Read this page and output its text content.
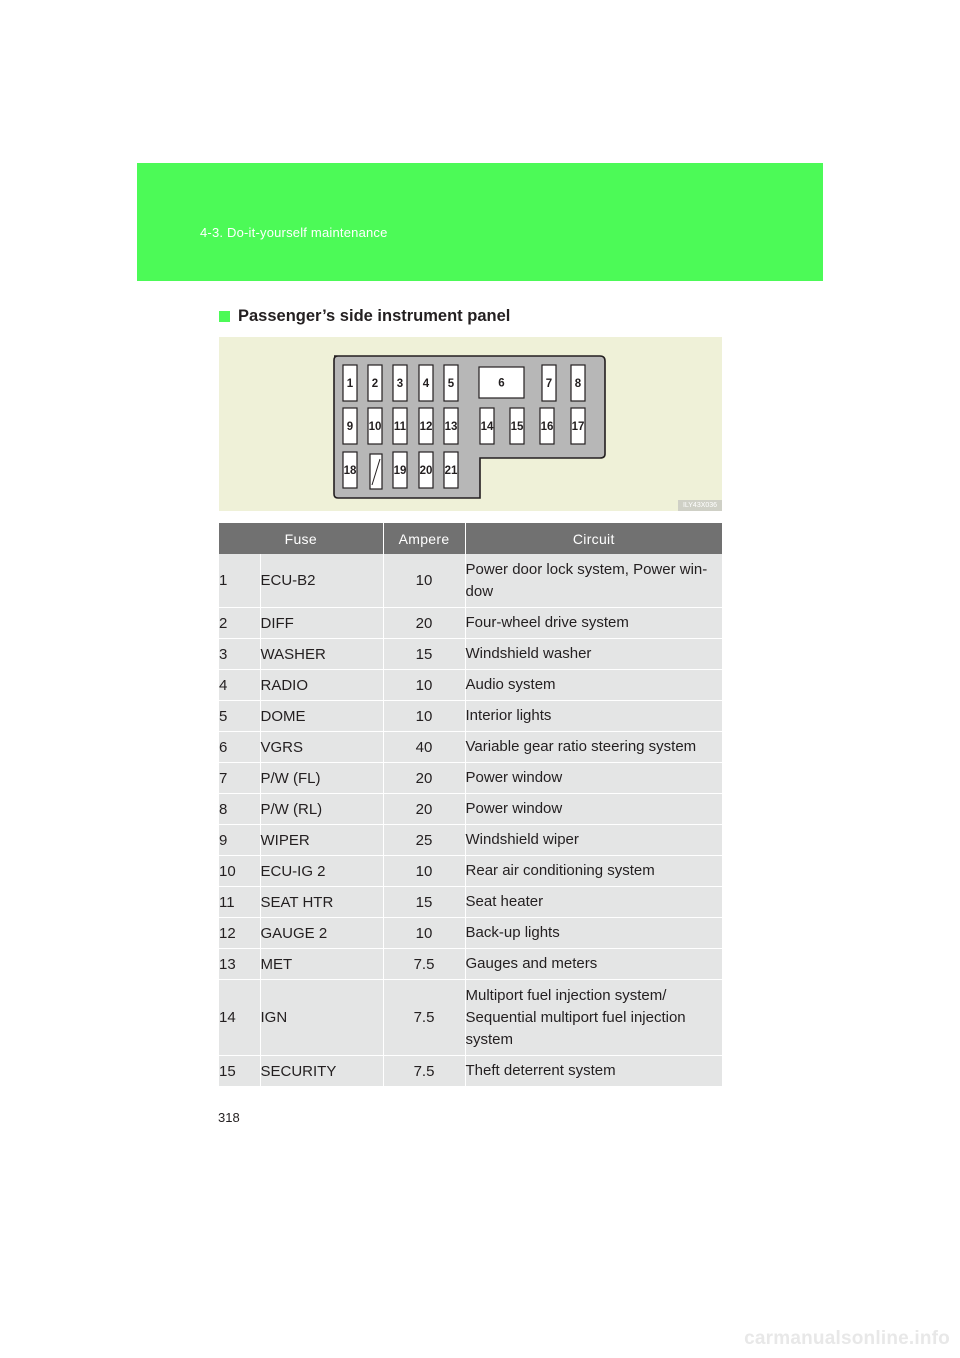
4-3. Do-it-yourself maintenance
Passenger’s side instrument panel
1 2 3 4 5	6	7 8
9 10 11 12 13 14 15 16 17
18	19 20 21
ILY43X036
Fuse		Ampere	Circuit
1	ECU-B2	10	Power door lock system, Power win-dow
2	DIFF	20	Four-wheel drive system
3	WASHER	15	Windshield washer
4	RADIO	10	Audio system
5	DOME	10	Interior lights
6	VGRS	40	Variable gear ratio steering system
7	P/W (FL)	20	Power window
8	P/W (RL)	20	Power window
9	WIPER	25	Windshield wiper
10	ECU-IG 2	10	Rear air conditioning system
11	SEAT HTR	15	Seat heater
12	GAUGE 2	10	Back-up lights
13	MET	7.5	Gauges and meters
14	IGN	7.5	Multiport fuel injection system/ Sequential multiport fuel injection system
15	SECURITY	7.5	Theft deterrent system
318
carmanualsonline.info
